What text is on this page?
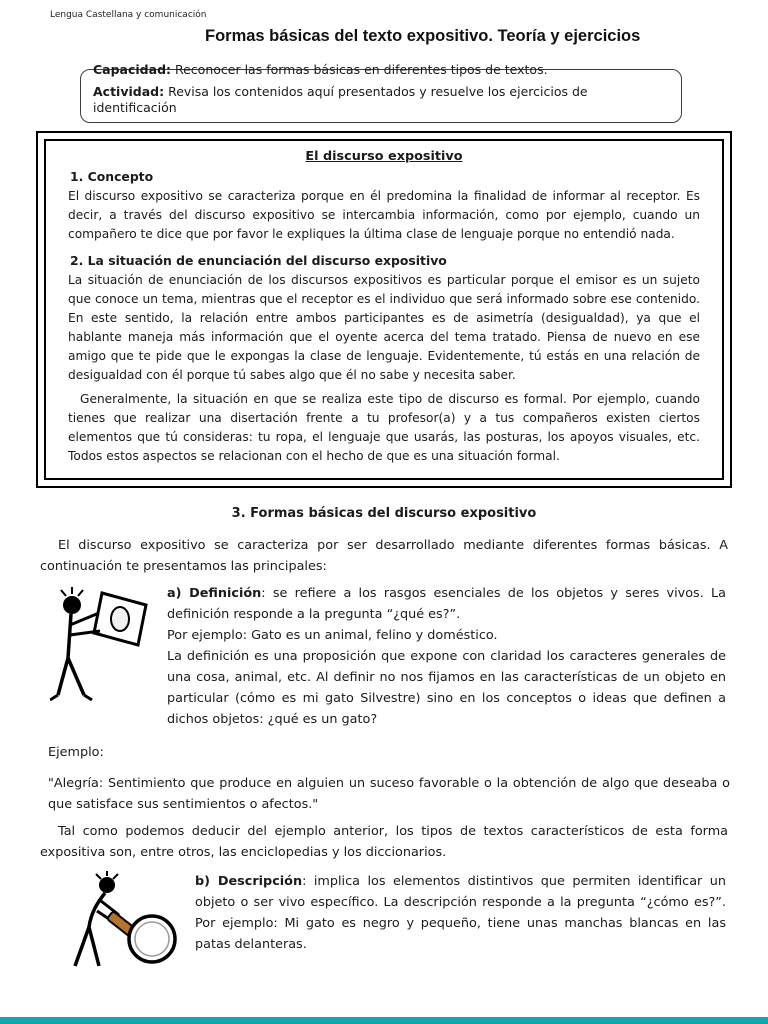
Lengua Castellana y comunicación
Formas básicas del texto expositivo. Teoría y ejercicios

Capacidad: Reconocer las formas básicas en diferentes tipos de textos.

Actividad: Revisa los contenidos aquí presentados y resuelve los ejercicios de identificación

El discurso expositivo
1. Concepto

El discurso expositivo se caracteriza porque en él predomina la finalidad de informar al receptor. Es decir, a través del discurso expositivo se intercambia información, como por ejemplo, cuando un compañero te dice que por favor le expliques la última clase de lenguaje porque no entendió nada.

2. La situación de enunciación del discurso expositivo

La situación de enunciación de los discursos expositivos es particular porque el emisor es un sujeto que conoce un tema, mientras que el receptor es el individuo que será informado sobre ese contenido. En este sentido, la relación entre ambos participantes es de asimetría (desigualdad), ya que el hablante maneja más información que el oyente acerca del tema tratado. Piensa de nuevo en ese amigo que te pide que le expongas la clase de lenguaje. Evidentemente, tú estás en una relación de desigualdad con él porque tú sabes algo que él no sabe y necesita saber.

Generalmente, la situación en que se realiza este tipo de discurso es formal. Por ejemplo, cuando tienes que realizar una disertación frente a tu profesor(a) y a tus compañeros existen ciertos elementos que tú consideras: tu ropa, el lenguaje que usarás, las posturas, los apoyos visuales, etc. Todos estos aspectos se relacionan con el hecho de que es una situación formal.

3. Formas básicas del discurso expositivo

El discurso expositivo se caracteriza por ser desarrollado mediante diferentes formas básicas. A continuación te presentamos las principales:

a) Definición: se refiere a los rasgos esenciales de los objetos y seres vivos. La definición responde a la pregunta “¿qué es?”.

Por ejemplo: Gato es un animal, felino y doméstico.

La definición es una proposición que expone con claridad los caracteres generales de una cosa, animal, etc. Al definir no nos fijamos en las características de un objeto en particular (cómo es mi gato Silvestre) sino en los conceptos o ideas que definen a dichos objetos: ¿qué es un gato?

Ejemplo:

"Alegría: Sentimiento que produce en alguien un suceso favorable o la obtención de algo que deseaba o que satisface sus sentimientos o afectos."

Tal como podemos deducir del ejemplo anterior, los tipos de textos característicos de esta forma expositiva son, entre otros, las enciclopedias y los diccionarios.

b) Descripción: implica los elementos distintivos que permiten identificar un objeto o ser vivo específico. La descripción responde a la pregunta “¿cómo es?”. Por ejemplo: Mi gato es negro y pequeño, tiene unas manchas blancas en las patas delanteras.
